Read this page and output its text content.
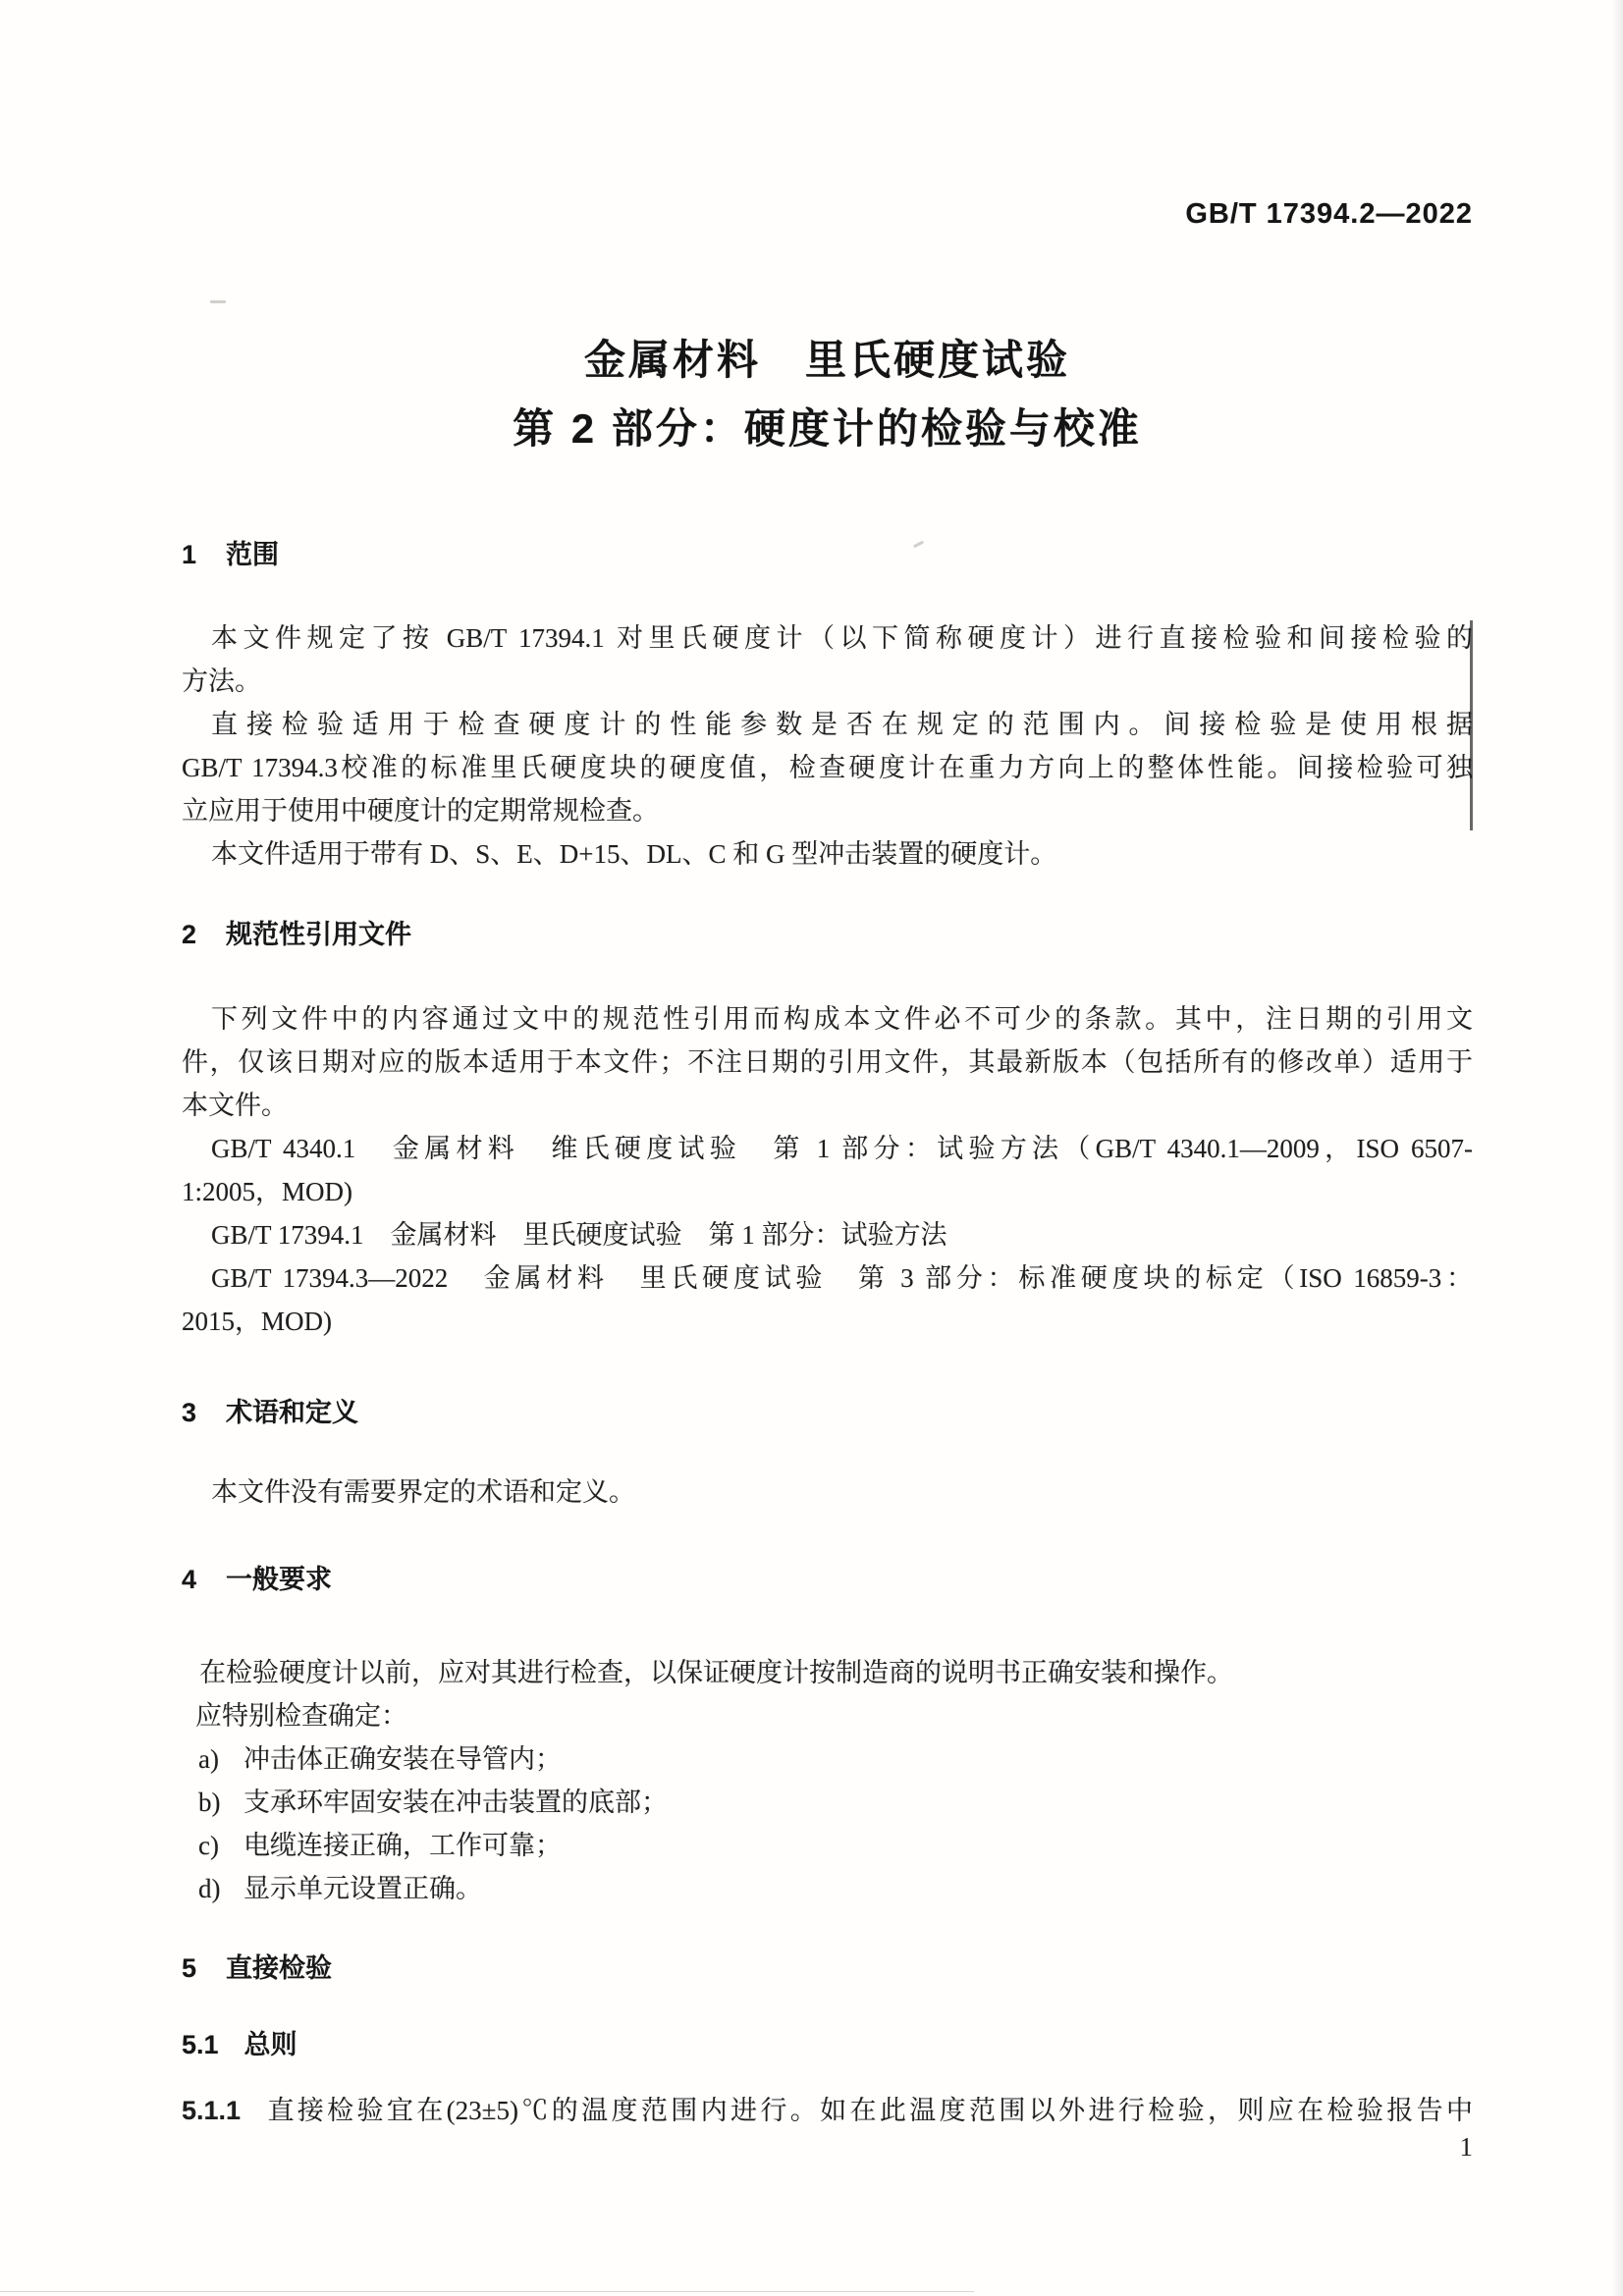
GB/T 17394.2—2022
金属材料　里氏硬度试验
第 2 部分：硬度计的检验与校准
1 范围
本文件规定了按 GB/T 17394.1 对里氏硬度计（以下简称硬度计）进行直接检验和间接检验的
方法。
直接检验适用于检查硬度计的性能参数是否在规定的范围内。间接检验是使用根据
GB/T 17394.3校准的标准里氏硬度块的硬度值，检查硬度计在重力方向上的整体性能。间接检验可独
立应用于使用中硬度计的定期常规检查。
本文件适用于带有 D、S、E、D+15、DL、C 和 G 型冲击装置的硬度计。
2 规范性引用文件
下列文件中的内容通过文中的规范性引用而构成本文件必不可少的条款。其中，注日期的引用文
件，仅该日期对应的版本适用于本文件；不注日期的引用文件，其最新版本（包括所有的修改单）适用于
本文件。
GB/T 4340.1　金属材料　维氏硬度试验　第 1 部分：试验方法（GB/T 4340.1—2009，ISO 6507-
1:2005，MOD)
GB/T 17394.1　金属材料　里氏硬度试验　第 1 部分：试验方法
GB/T 17394.3—2022　金属材料　里氏硬度试验　第 3 部分：标准硬度块的标定（ISO 16859-3：
2015，MOD)
3 术语和定义
本文件没有需要界定的术语和定义。
4 一般要求
在检验硬度计以前，应对其进行检查，以保证硬度计按制造商的说明书正确安装和操作。
应特别检查确定：
a) 冲击体正确安装在导管内；
b) 支承环牢固安装在冲击装置的底部；
c) 电缆连接正确，工作可靠；
d) 显示单元设置正确。
5 直接检验
5.1 总则
5.1.1 直接检验宜在(23±5)℃的温度范围内进行。如在此温度范围以外进行检验，则应在检验报告中
1
